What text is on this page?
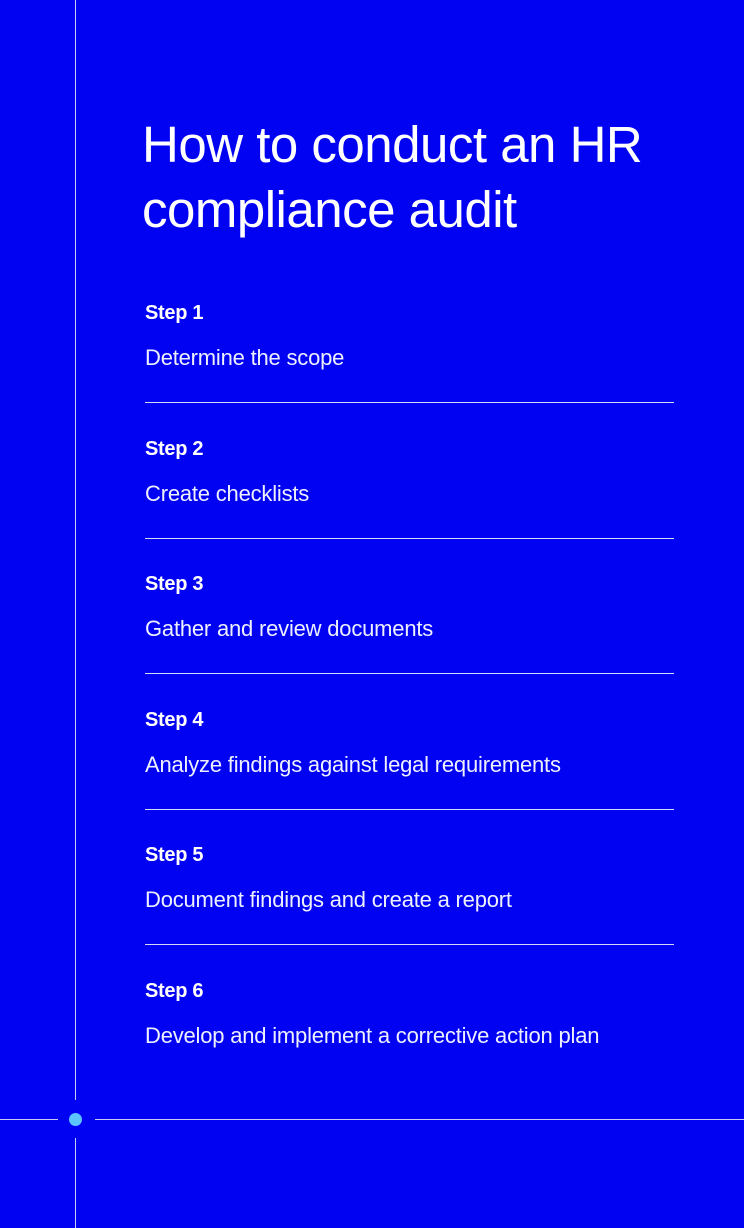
How to conduct an HR compliance audit
Step 1
Determine the scope
Step 2
Create checklists
Step 3
Gather and review documents
Step 4
Analyze findings against legal requirements
Step 5
Document findings and create a report
Step 6
Develop and implement a corrective action plan
